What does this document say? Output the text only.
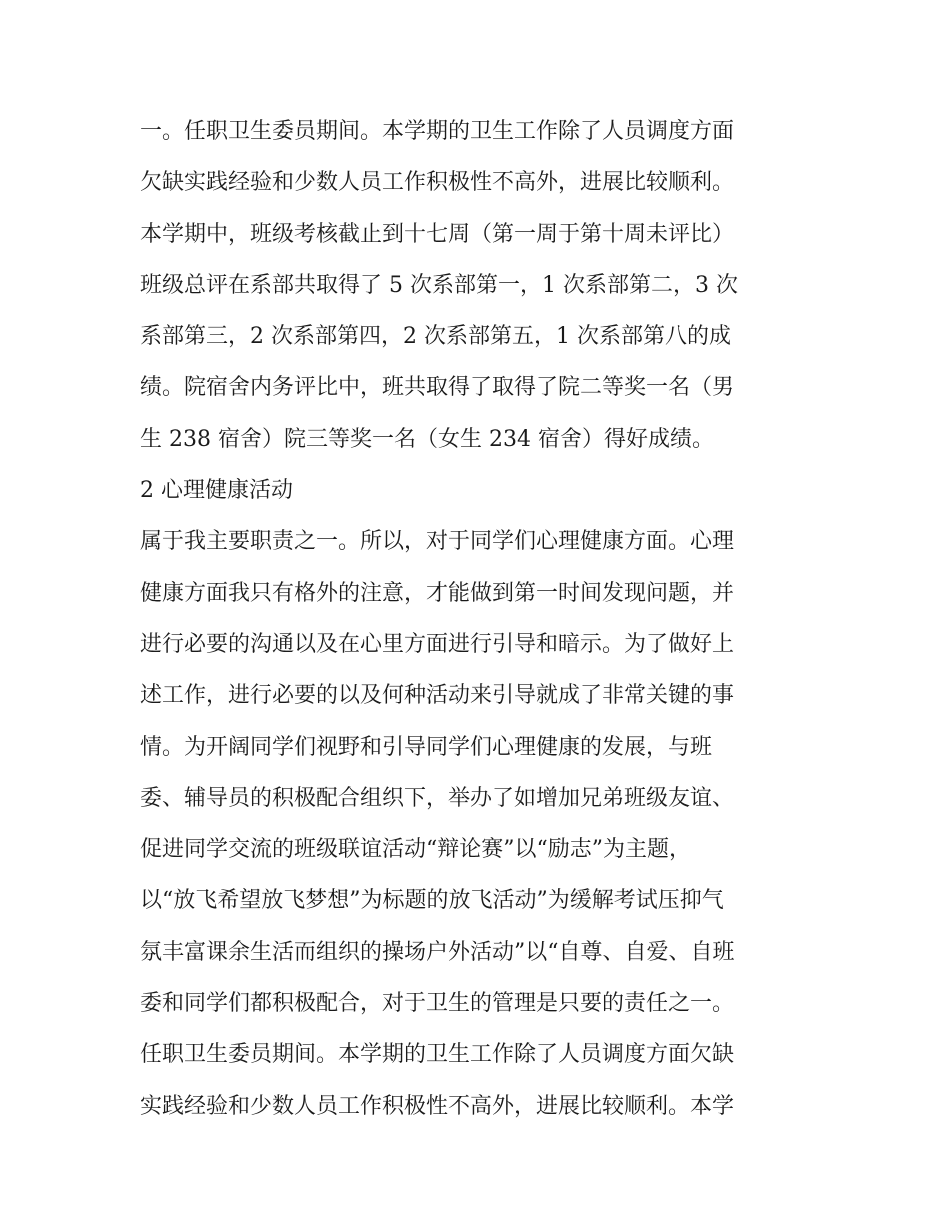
一。任职卫生委员期间。本学期的卫生工作除了人员调度方面
欠缺实践经验和少数人员工作积极性不高外，进展比较顺利。
本学期中，班级考核截止到十七周（第一周于第十周未评比）
班级总评在系部共取得了 5 次系部第一，1 次系部第二，3 次
系部第三，2 次系部第四，2 次系部第五，1 次系部第八的成
绩。院宿舍内务评比中，班共取得了取得了院二等奖一名（男
生 238 宿舍）院三等奖一名（女生 234 宿舍）得好成绩。
2 心理健康活动
属于我主要职责之一。所以，对于同学们心理健康方面。心理
健康方面我只有格外的注意，才能做到第一时间发现问题，并
进行必要的沟通以及在心里方面进行引导和暗示。为了做好上
述工作，进行必要的以及何种活动来引导就成了非常关键的事
情。为开阔同学们视野和引导同学们心理健康的发展，与班
委、辅导员的积极配合组织下，举办了如增加兄弟班级友谊、
促进同学交流的班级联谊活动“辩论赛”以“励志”为主题，
以“放飞希望放飞梦想”为标题的放飞活动”为缓解考试压抑气
氛丰富课余生活而组织的操场户外活动”以“自尊、自爱、自班
委和同学们都积极配合，对于卫生的管理是只要的责任之一。
任职卫生委员期间。本学期的卫生工作除了人员调度方面欠缺
实践经验和少数人员工作积极性不高外，进展比较顺利。本学
